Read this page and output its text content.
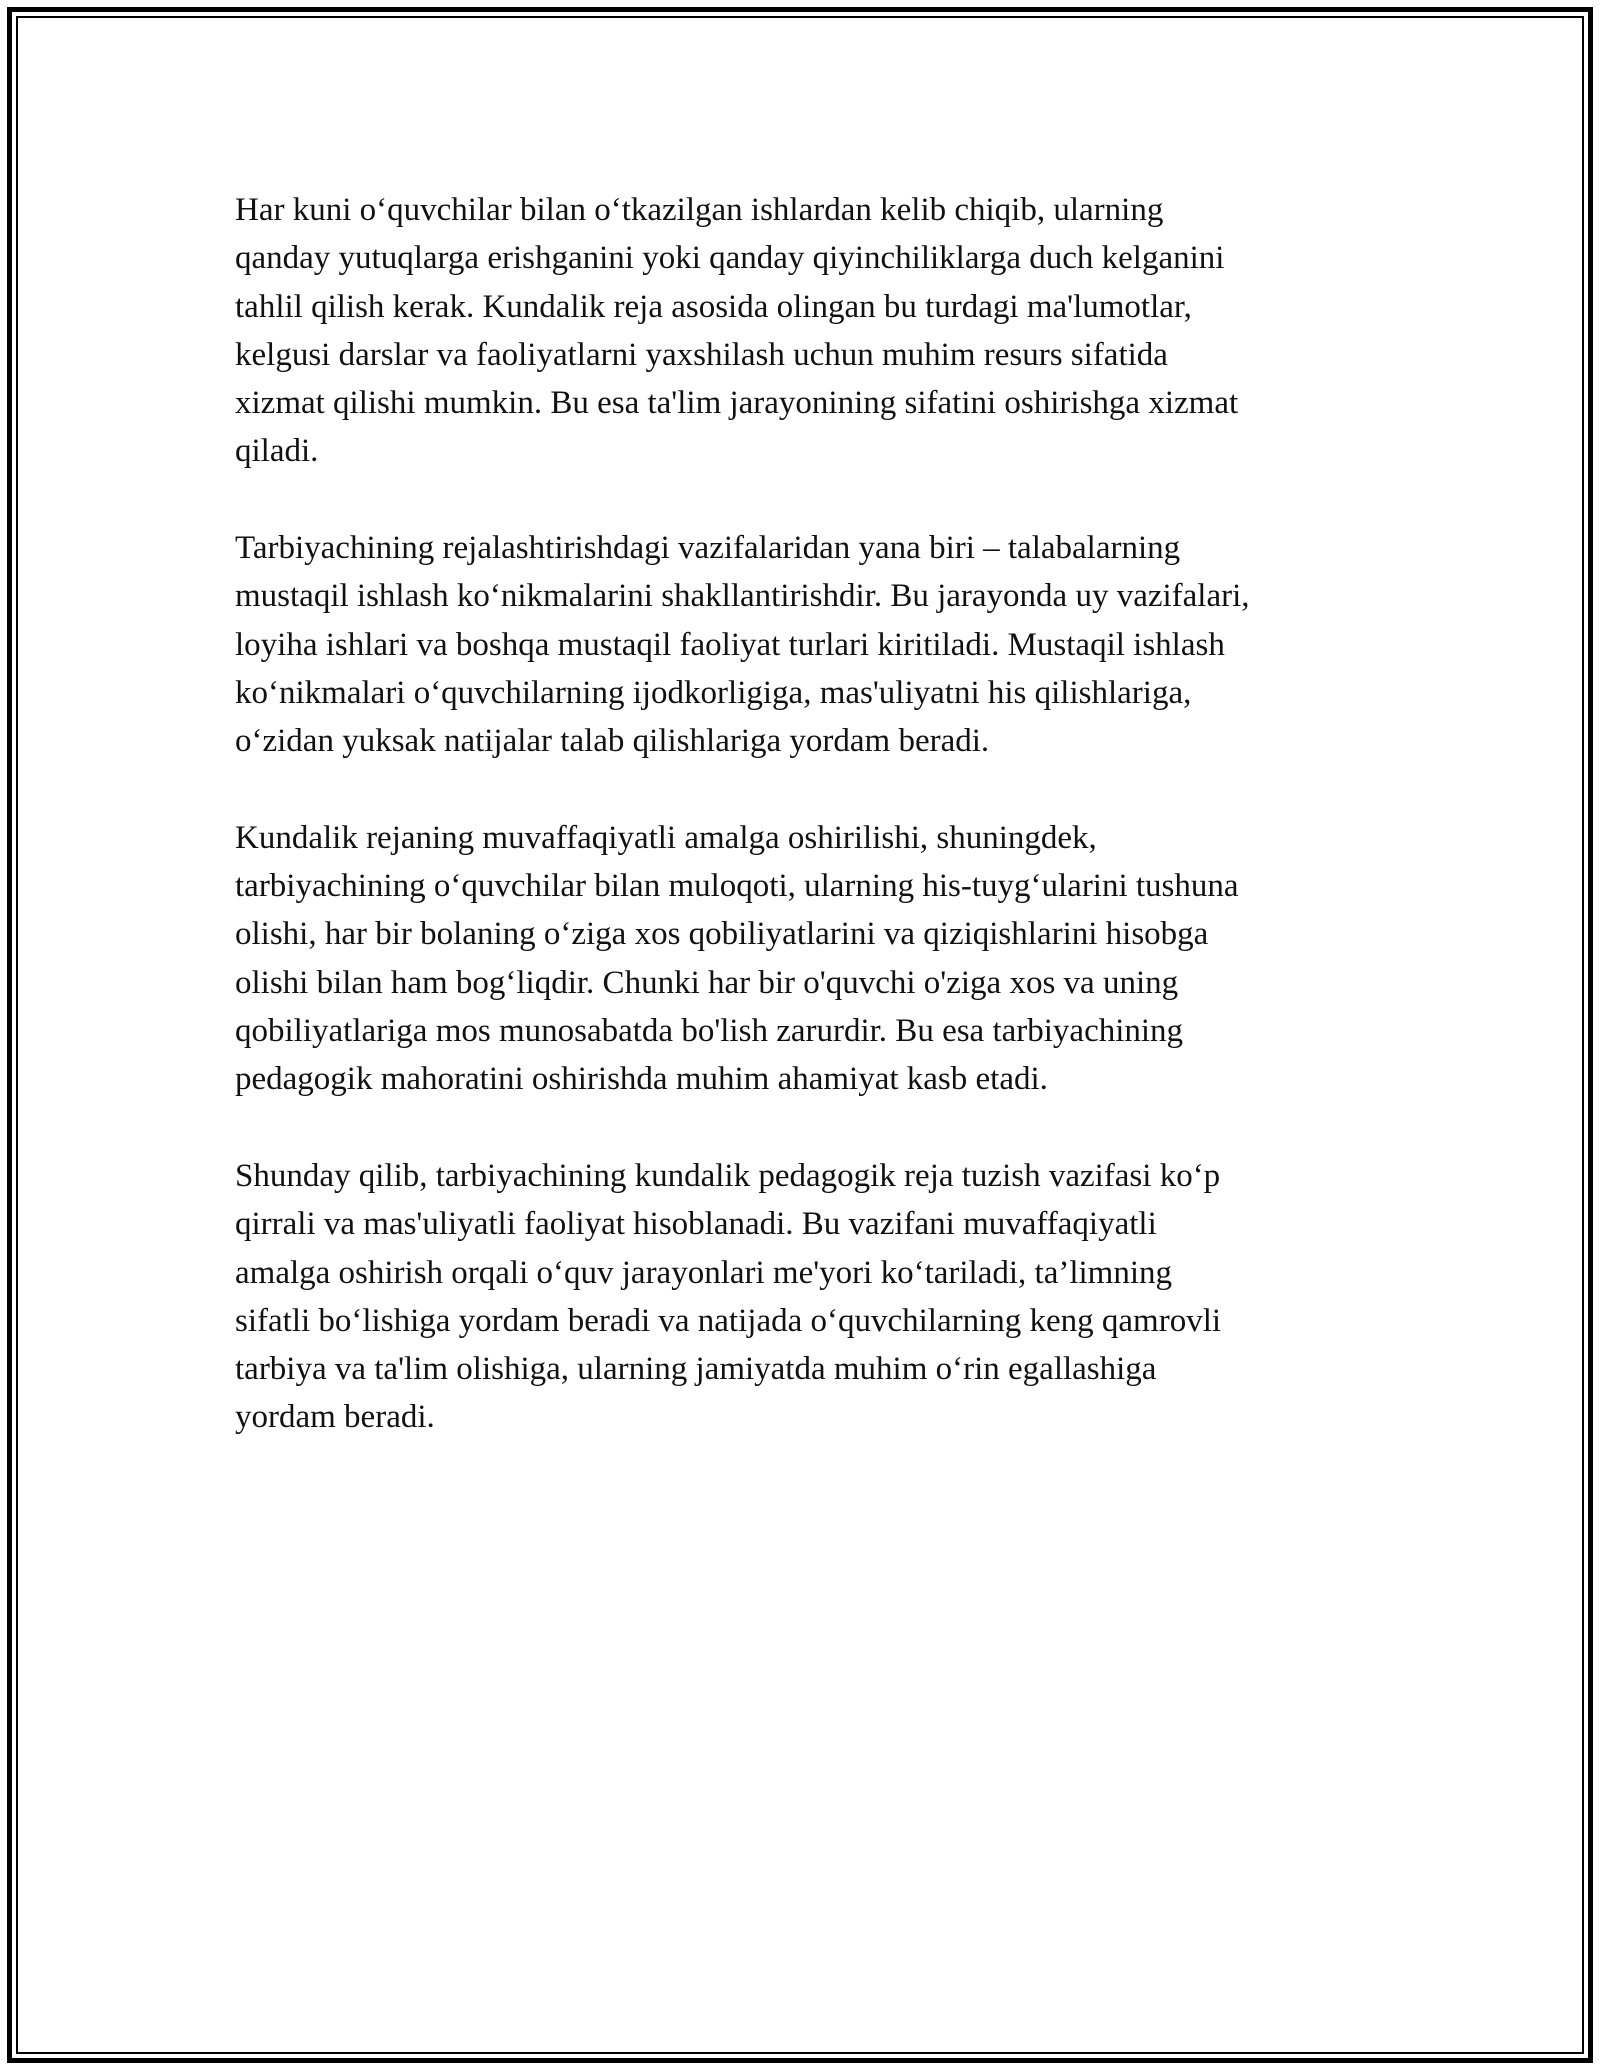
Har kuni o‘quvchilar bilan o‘tkazilgan ishlardan kelib chiqib, ularning
qanday yutuqlarga erishganini yoki qanday qiyinchiliklarga duch kelganini
tahlil qilish kerak. Kundalik reja asosida olingan bu turdagi ma'lumotlar,
kelgusi darslar va faoliyatlarni yaxshilash uchun muhim resurs sifatida
xizmat qilishi mumkin. Bu esa ta'lim jarayonining sifatini oshirishga xizmat
qiladi.

Tarbiyachining rejalashtirishdagi vazifalaridan yana biri – talabalarning
mustaqil ishlash ko‘nikmalarini shakllantirishdir. Bu jarayonda uy vazifalari,
loyiha ishlari va boshqa mustaqil faoliyat turlari kiritiladi. Mustaqil ishlash
ko‘nikmalari o‘quvchilarning ijodkorligiga, mas'uliyatni his qilishlariga,
o‘zidan yuksak natijalar talab qilishlariga yordam beradi.

Kundalik rejaning muvaffaqiyatli amalga oshirilishi, shuningdek,
tarbiyachining o‘quvchilar bilan muloqoti, ularning his-tuyg‘ularini tushuna
olishi, har bir bolaning o‘ziga xos qobiliyatlarini va qiziqishlarini hisobga
olishi bilan ham bog‘liqdir. Chunki har bir o'quvchi o'ziga xos va uning
qobiliyatlariga mos munosabatda bo'lish zarurdir. Bu esa tarbiyachining
pedagogik mahoratini oshirishda muhim ahamiyat kasb etadi.

Shunday qilib, tarbiyachining kundalik pedagogik reja tuzish vazifasi ko‘p
qirrali va mas'uliyatli faoliyat hisoblanadi. Bu vazifani muvaffaqiyatli
amalga oshirish orqali o‘quv jarayonlari me'yori ko‘tariladi, ta’limning
sifatli bo‘lishiga yordam beradi va natijada o‘quvchilarning keng qamrovli
tarbiya va ta'lim olishiga, ularning jamiyatda muhim o‘rin egallashiga
yordam beradi.
